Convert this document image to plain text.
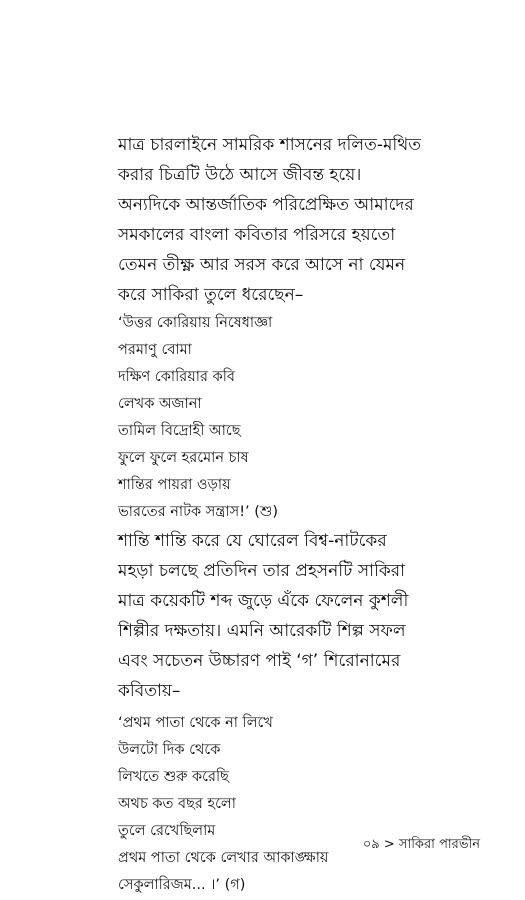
মাত্র চারলাইনে সামরিক শাসনের দলিত-মথিত
করার চিত্রটি উঠে আসে জীবন্ত হয়ে।
অন্যদিকে আন্তর্জাতিক পরিপ্রেক্ষিত আমাদের
সমকালের বাংলা কবিতার পরিসরে হয়তো
তেমন তীক্ষ্ণ আর সরস করে আসে না যেমন
করে সাকিরা তুলে ধরেছেন–

‘উত্তর কোরিয়ায় নিষেধাজ্ঞা
পরমাণু বোমা
দক্ষিণ কোরিয়ার কবি
লেখক অজানা
তামিল বিদ্রোহী আছে
ফুলে ফুলে হরমোন চাষ
শান্তির পায়রা ওড়ায়
ভারতের নাটক সন্ত্রাস!’ (শু)

শান্তি শান্তি করে যে ঘোরেল বিশ্ব-নাটকের
মহড়া চলছে প্রতিদিন তার প্রহসনটি সাকিরা
মাত্র কয়েকটি শব্দ জুড়ে এঁকে ফেলেন কুশলী
শিল্পীর দক্ষতায়। এমনি আরেকটি শিল্প সফল
এবং সচেতন উচ্চারণ পাই ‘গ’ শিরোনামের
কবিতায়–

‘প্রথম পাতা থেকে না লিখে
উলটো দিক থেকে
লিখতে শুরু করেছি
অথচ কত বছর হলো
তুলে রেখেছিলাম
প্রথম পাতা থেকে লেখার আকাঙ্ক্ষায়
সেকুলারিজম... ।’ (গ)

০৯ > সাকিরা পারভীন
